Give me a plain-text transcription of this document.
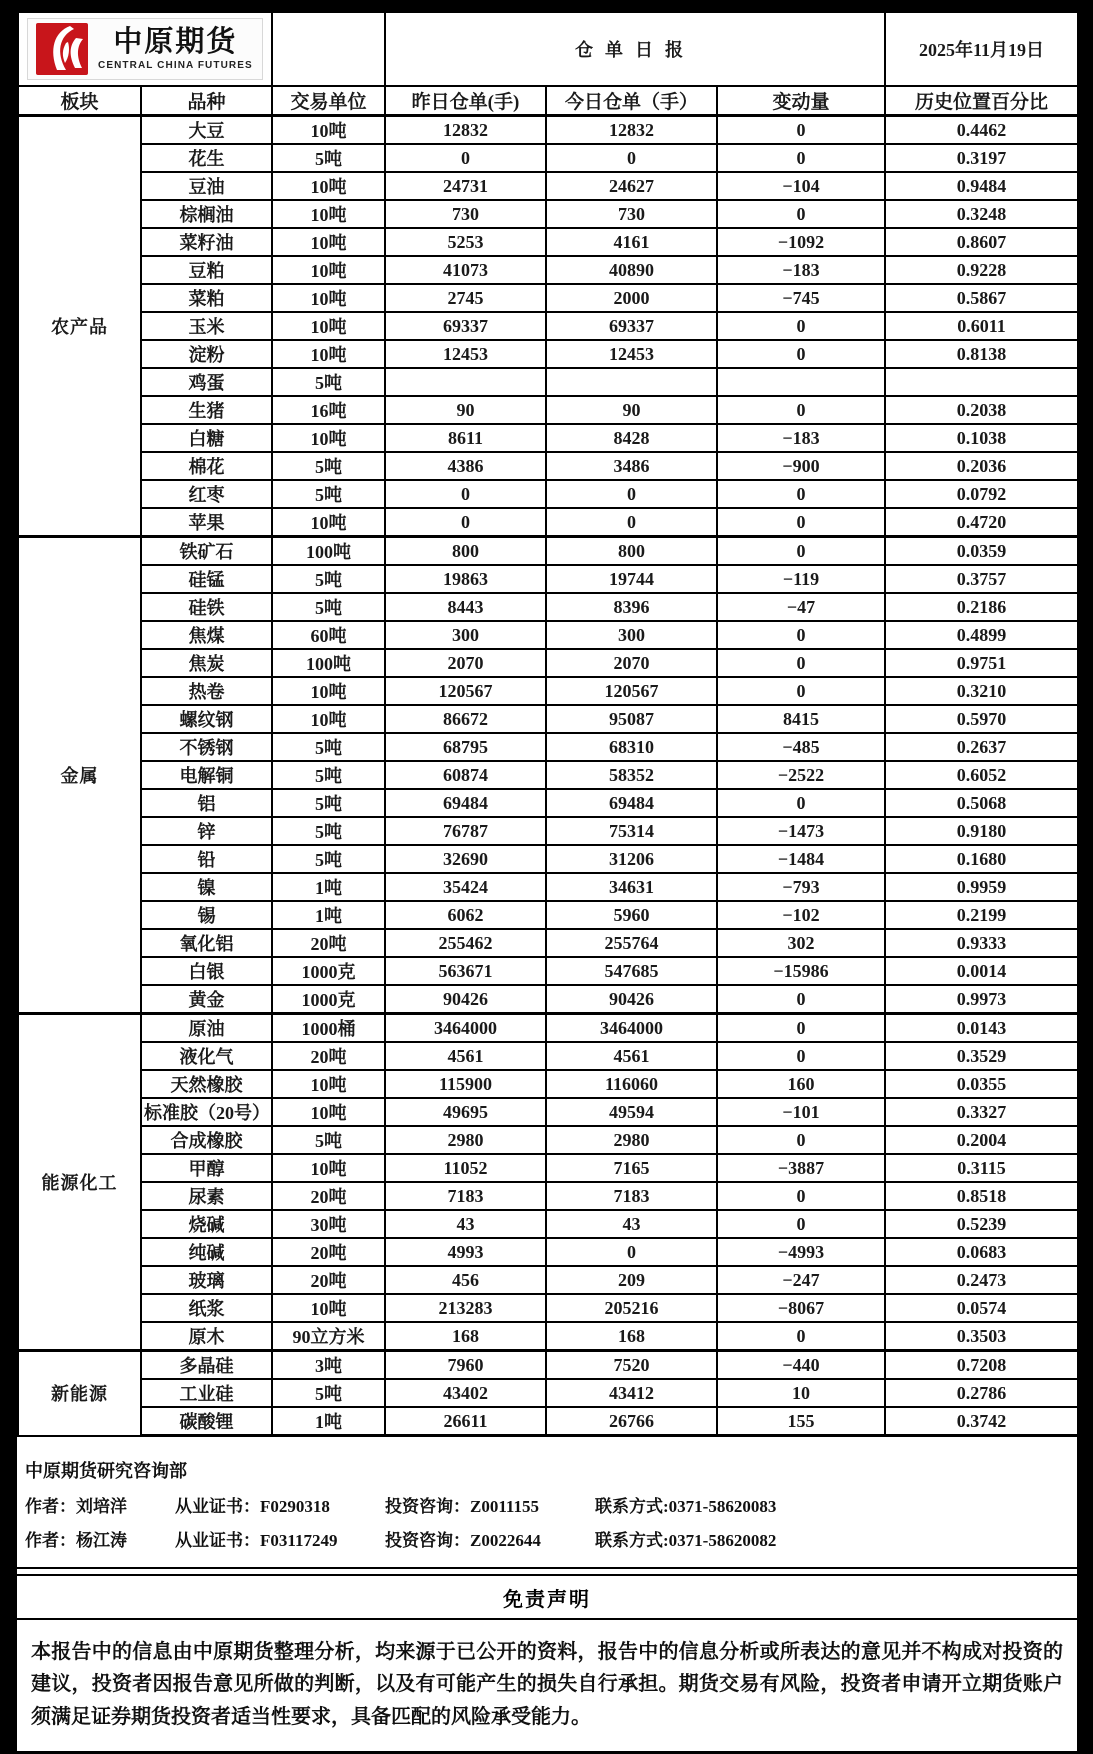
中原期货
CENTRAL CHINA FUTURES			仓单日报			2025年11月19日
板块	品种	交易单位	昨日仓单(手)	今日仓单（手）	变动量	历史位置百分比
农产品	大豆	10吨	12832	12832	0	0.4462
	花生	5吨	0	0	0	0.3197
	豆油	10吨	24731	24627	−104	0.9484
	棕榈油	10吨	730	730	0	0.3248
	菜籽油	10吨	5253	4161	−1092	0.8607
	豆粕	10吨	41073	40890	−183	0.9228
	菜粕	10吨	2745	2000	−745	0.5867
	玉米	10吨	69337	69337	0	0.6011
	淀粉	10吨	12453	12453	0	0.8138
	鸡蛋	5吨				
	生猪	16吨	90	90	0	0.2038
	白糖	10吨	8611	8428	−183	0.1038
	棉花	5吨	4386	3486	−900	0.2036
	红枣	5吨	0	0	0	0.0792
	苹果	10吨	0	0	0	0.4720
金属	铁矿石	100吨	800	800	0	0.0359
	硅锰	5吨	19863	19744	−119	0.3757
	硅铁	5吨	8443	8396	−47	0.2186
	焦煤	60吨	300	300	0	0.4899
	焦炭	100吨	2070	2070	0	0.9751
	热卷	10吨	120567	120567	0	0.3210
	螺纹钢	10吨	86672	95087	8415	0.5970
	不锈钢	5吨	68795	68310	−485	0.2637
	电解铜	5吨	60874	58352	−2522	0.6052
	铝	5吨	69484	69484	0	0.5068
	锌	5吨	76787	75314	−1473	0.9180
	铅	5吨	32690	31206	−1484	0.1680
	镍	1吨	35424	34631	−793	0.9959
	锡	1吨	6062	5960	−102	0.2199
	氧化铝	20吨	255462	255764	302	0.9333
	白银	1000克	563671	547685	−15986	0.0014
	黄金	1000克	90426	90426	0	0.9973
能源化工	原油	1000桶	3464000	3464000	0	0.0143
	液化气	20吨	4561	4561	0	0.3529
	天然橡胶	10吨	115900	116060	160	0.0355
	标准胶（20号）	10吨	49695	49594	−101	0.3327
	合成橡胶	5吨	2980	2980	0	0.2004
	甲醇	10吨	11052	7165	−3887	0.3115
	尿素	20吨	7183	7183	0	0.8518
	烧碱	30吨	43	43	0	0.5239
	纯碱	20吨	4993	0	−4993	0.0683
	玻璃	20吨	456	209	−247	0.2473
	纸浆	10吨	213283	205216	−8067	0.0574
	原木	90立方米	168	168	0	0.3503
新能源	多晶硅	3吨	7960	7520	−440	0.7208
	工业硅	5吨	43402	43412	10	0.2786
	碳酸锂	1吨	26611	26766	155	0.3742
中原期货研究咨询部
作者：刘培洋	从业证书：F0290318	投资咨询：Z0011155	联系方式:0371-58620083
作者：杨江涛	从业证书：F03117249	投资咨询：Z0022644	联系方式:0371-58620082
免责声明
本报告中的信息由中原期货整理分析，均来源于已公开的资料，报告中的信息分析或所表达的意见并不构成对投资的建议，投资者因报告意见所做的判断，以及有可能产生的损失自行承担。期货交易有风险，投资者申请开立期货账户须满足证券期货投资者适当性要求，具备匹配的风险承受能力。
